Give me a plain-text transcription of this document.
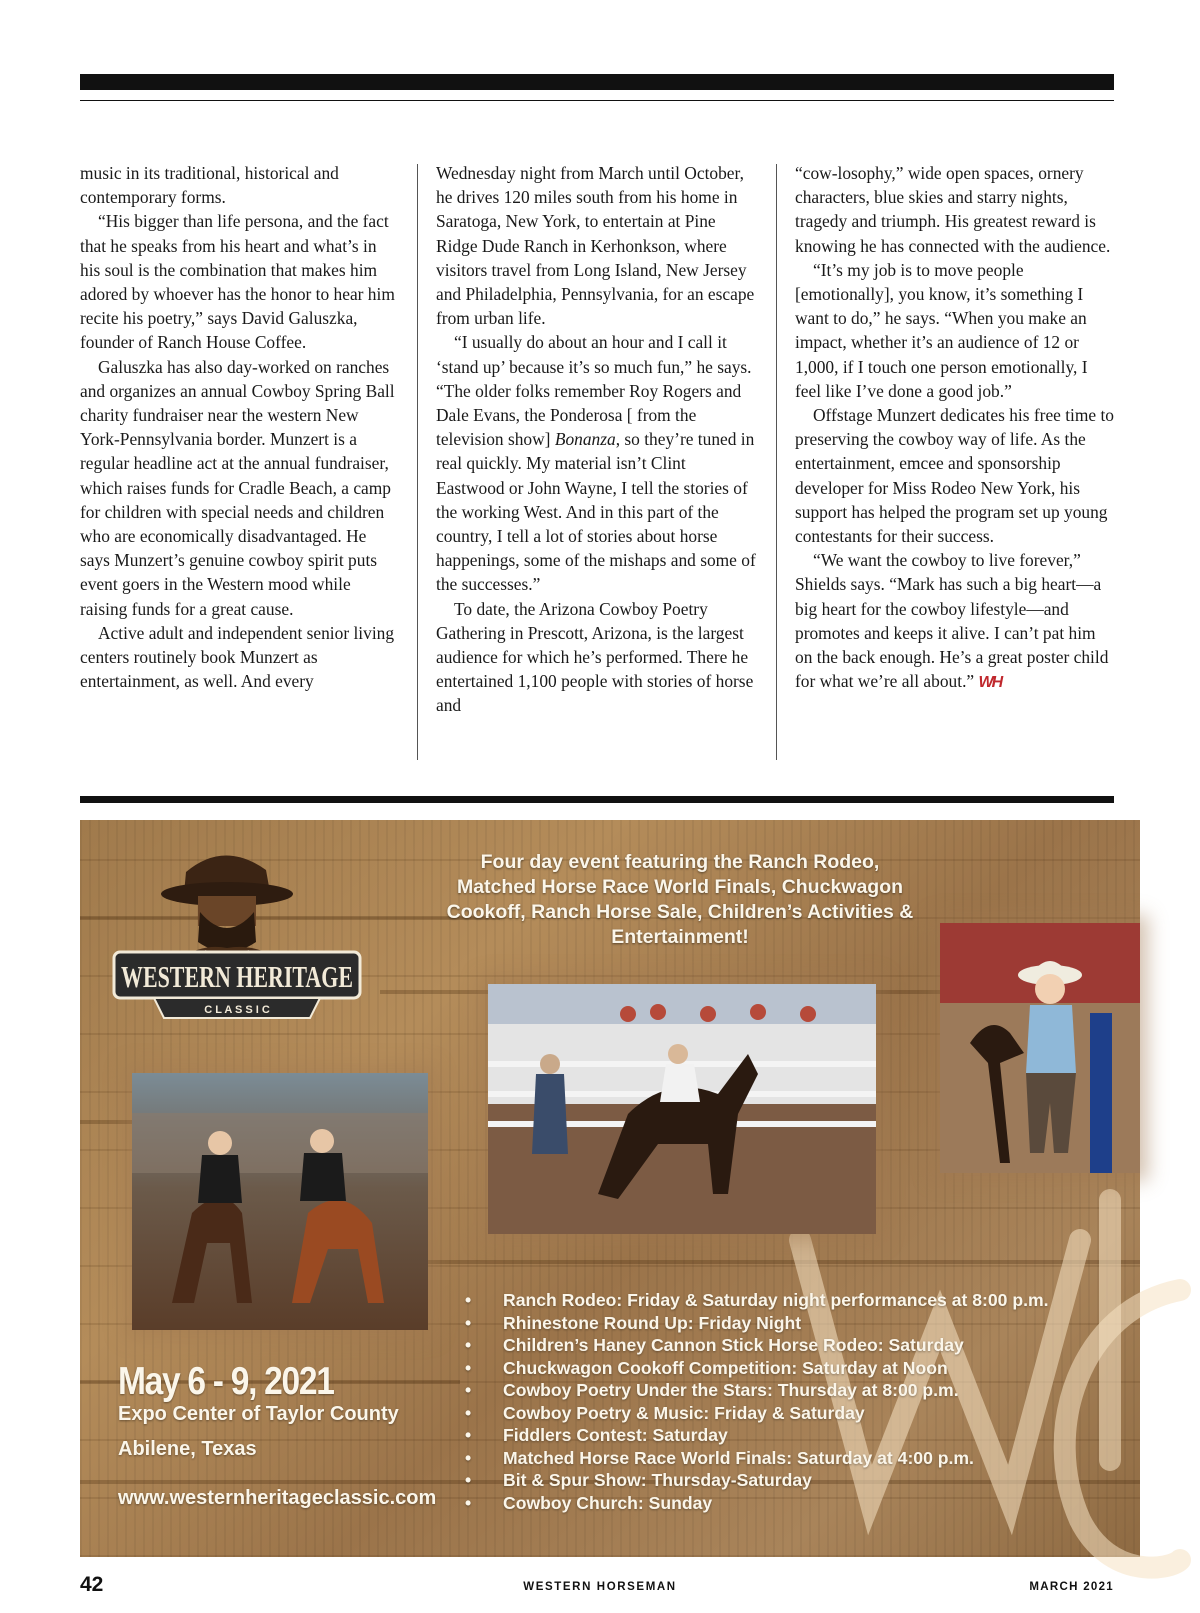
music in its traditional, historical and contemporary forms.

“His bigger than life persona, and the fact that he speaks from his heart and what’s in his soul is the combination that makes him adored by whoever has the honor to hear him recite his poetry,” says David Galuszka, founder of Ranch House Coffee.

Galuszka has also day-worked on ranches and organizes an annual Cowboy Spring Ball charity fundraiser near the western New York-Pennsylvania border. Munzert is a regular headline act at the annual fundraiser, which raises funds for Cradle Beach, a camp for children with special needs and children who are economically disadvantaged. He says Munzert’s genuine cowboy spirit puts event goers in the Western mood while raising funds for a great cause.

Active adult and independent senior living centers routinely book Munzert as entertainment, as well. And every

Wednesday night from March until October, he drives 120 miles south from his home in Saratoga, New York, to entertain at Pine Ridge Dude Ranch in Kerhonkson, where visitors travel from Long Island, New Jersey and Philadelphia, Pennsylvania, for an escape from urban life.

“I usually do about an hour and I call it ‘stand up’ because it’s so much fun,” he says. “The older folks remember Roy Rogers and Dale Evans, the Ponderosa [ from the television show] Bonanza, so they’re tuned in real quickly. My material isn’t Clint Eastwood or John Wayne, I tell the stories of the working West. And in this part of the country, I tell a lot of stories about horse happenings, some of the mishaps and some of the successes.”

To date, the Arizona Cowboy Poetry Gathering in Prescott, Arizona, is the largest audience for which he’s performed. There he entertained 1,100 people with stories of horse and

“cow-losophy,” wide open spaces, ornery characters, blue skies and starry nights, tragedy and triumph. His greatest reward is knowing he has connected with the audience.

“It’s my job is to move people [emotionally], you know, it’s something I want to do,” he says. “When you make an impact, whether it’s an audience of 12 or 1,000, if I touch one person emotionally, I feel like I’ve done a good job.”

Offstage Munzert dedicates his free time to preserving the cowboy way of life. As the entertainment, emcee and sponsorship developer for Miss Rodeo New York, his support has helped the program set up young contestants for their success.

“We want the cowboy to live forever,” Shields says. “Mark has such a big heart—a big heart for the cowboy lifestyle—and promotes and keeps it alive. I can’t pat him on the back enough. He’s a great poster child for what we’re all about.” WH

Four day event featuring the Ranch Rodeo, Matched Horse Race World Finals, Chuckwagon Cookoff, Ranch Horse Sale, Children’s Activities & Entertainment!
WESTERN HERITAGE
C L A S S I C
May 6 - 9, 2021
Expo Center of Taylor County
Abilene, Texas
www.westernheritageclassic.com
• Ranch Rodeo: Friday & Saturday night performances at 8:00 p.m.
• Rhinestone Round Up: Friday Night
• Children’s Haney Cannon Stick Horse Rodeo: Saturday
• Chuckwagon Cookoff Competition: Saturday at Noon
• Cowboy Poetry Under the Stars: Thursday at 8:00 p.m.
• Cowboy Poetry & Music: Friday & Saturday
• Fiddlers Contest: Saturday
• Matched Horse Race World Finals: Saturday at 4:00 p.m.
• Bit & Spur Show: Thursday-Saturday
• Cowboy Church: Sunday
42	WESTERN HORSEMAN	MARCH 2021
